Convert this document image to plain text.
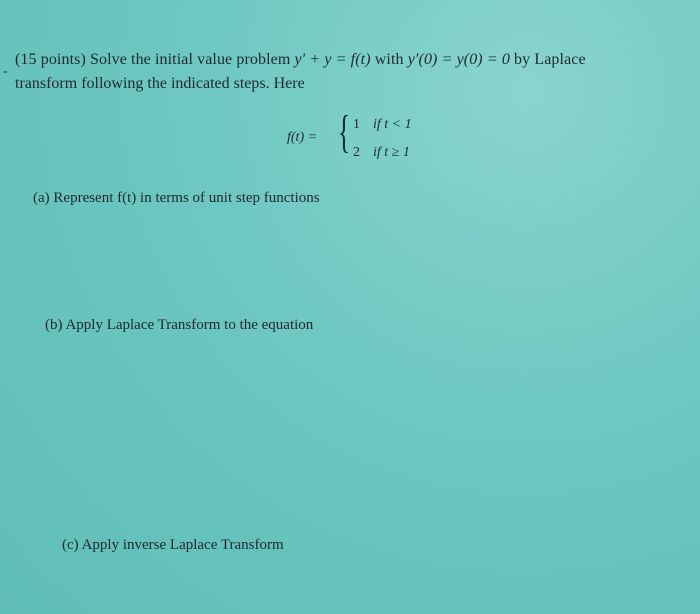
-
(15 points) Solve the initial value problem y′ + y = f(t) with y′(0) = y(0) = 0 by Laplace
transform following the indicated steps. Here
f(t) = { 1 if t < 1
2 if t ≥ 1
(a) Represent f(t) in terms of unit step functions
(b) Apply Laplace Transform to the equation
(c) Apply inverse Laplace Transform
